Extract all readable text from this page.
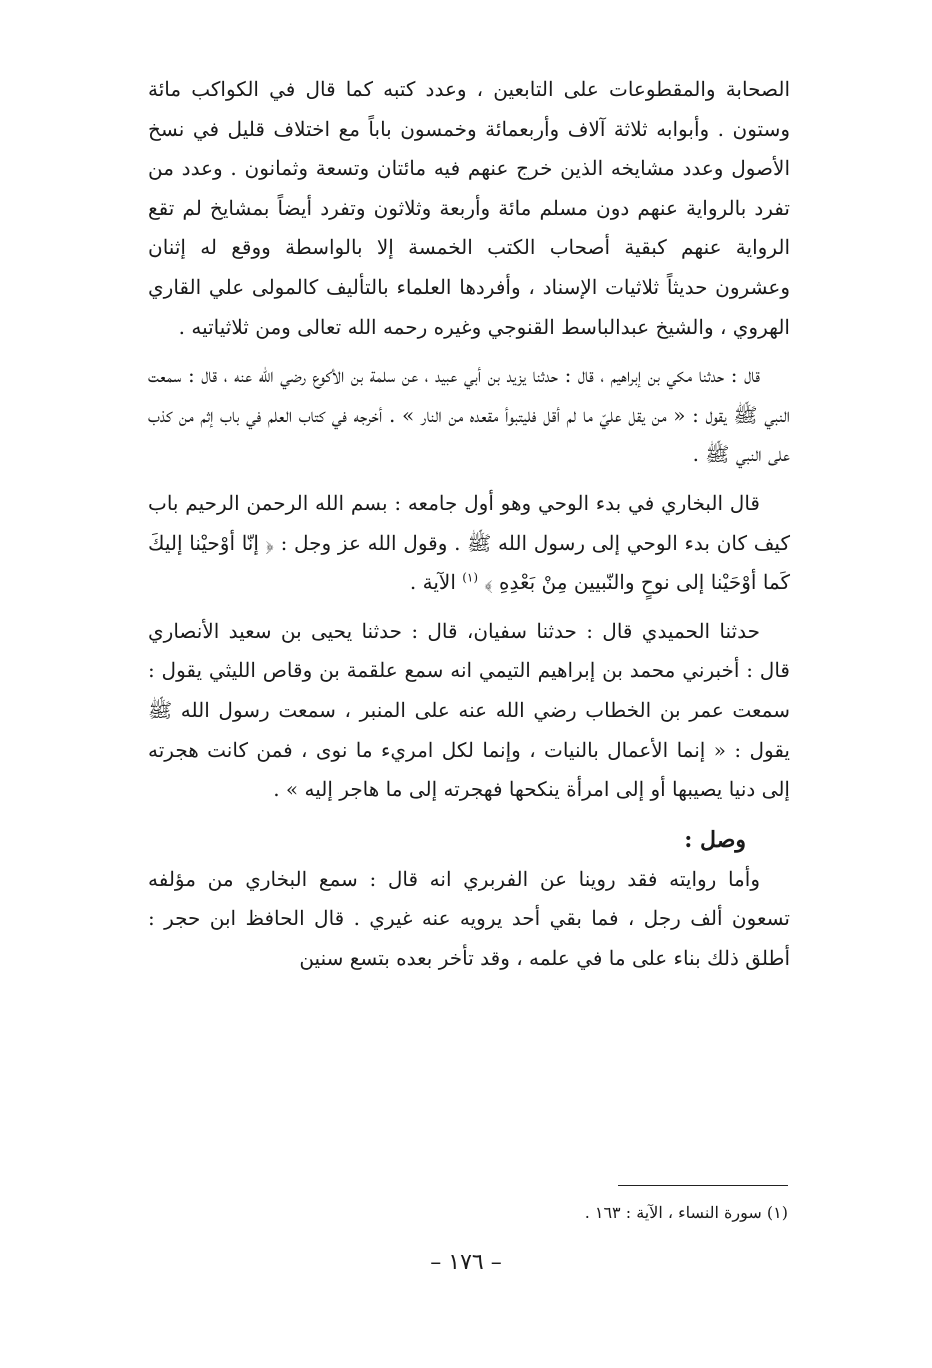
الصحابة والمقطوعات على التابعين ، وعدد كتبه كما قال في الكواكب مائة وستون . وأبوابه ثلاثة آلاف وأربعمائة وخمسون باباً مع اختلاف قليل في نسخ الأصول وعدد مشايخه الذين خرج عنهم فيه مائتان وتسعة وثمانون . وعدد من تفرد بالرواية عنهم دون مسلم مائة وأربعة وثلاثون وتفرد أيضاً بمشايخ لم تقع الرواية عنهم كبقية أصحاب الكتب الخمسة إلا بالواسطة ووقع له إثنان وعشرون حديثاً ثلاثيات الإسناد ، وأفردها العلماء بالتأليف كالمولى علي القاري الهروي ، والشيخ عبدالباسط القنوجي وغيره رحمه الله تعالى ومن ثلاثياتيه .

قال : حدثنا مكي بن إبراهيم ، قال : حدثنا يزيد بن أبي عبيد ، عن سلمة بن الأكوع رضي الله عنه ، قال : سمعت النبي ﷺ يقول : « من يقل عليّ ما لم أقل فليتبوأ مقعده من النار » . أخرجه في كتاب العلم في باب إثم من كذب على النبي ﷺ .

قال البخاري في بدء الوحي وهو أول جامعه : بسم الله الرحمن الرحيم باب كيف كان بدء الوحي إلى رسول الله ﷺ . وقول الله عز وجل : ﴿ إنّا أوْحيْنا إليكَ كَما أوْحَيْنا إلى نوحٍ والنّبيين مِنْ بَعْدِهِ ﴾ $^{(١)}$ الآية .

حدثنا الحميدي قال : حدثنا سفيان، قال : حدثنا يحيى بن سعيد الأنصاري قال : أخبرني محمد بن إبراهيم التيمي انه سمع علقمة بن وقاص الليثي يقول : سمعت عمر بن الخطاب رضي الله عنه على المنبر ، سمعت رسول الله ﷺ يقول : « إنما الأعمال بالنيات ، وإنما لكل امريء ما نوى ، فمن كانت هجرته إلى دنيا يصيبها أو إلى امرأة ينكحها فهجرته إلى ما هاجر إليه » .

وصل :

وأما روايته فقد روينا عن الفربري انه قال : سمع البخاري من مؤلفه تسعون ألف رجل ، فما بقي أحد يرويه عنه غيري . قال الحافظ ابن حجر : أطلق ذلك بناء على ما في علمه ، وقد تأخر بعده بتسع سنين

(١) سورة النساء ، الآية : ١٦٣ .
– ١٧٦ –
